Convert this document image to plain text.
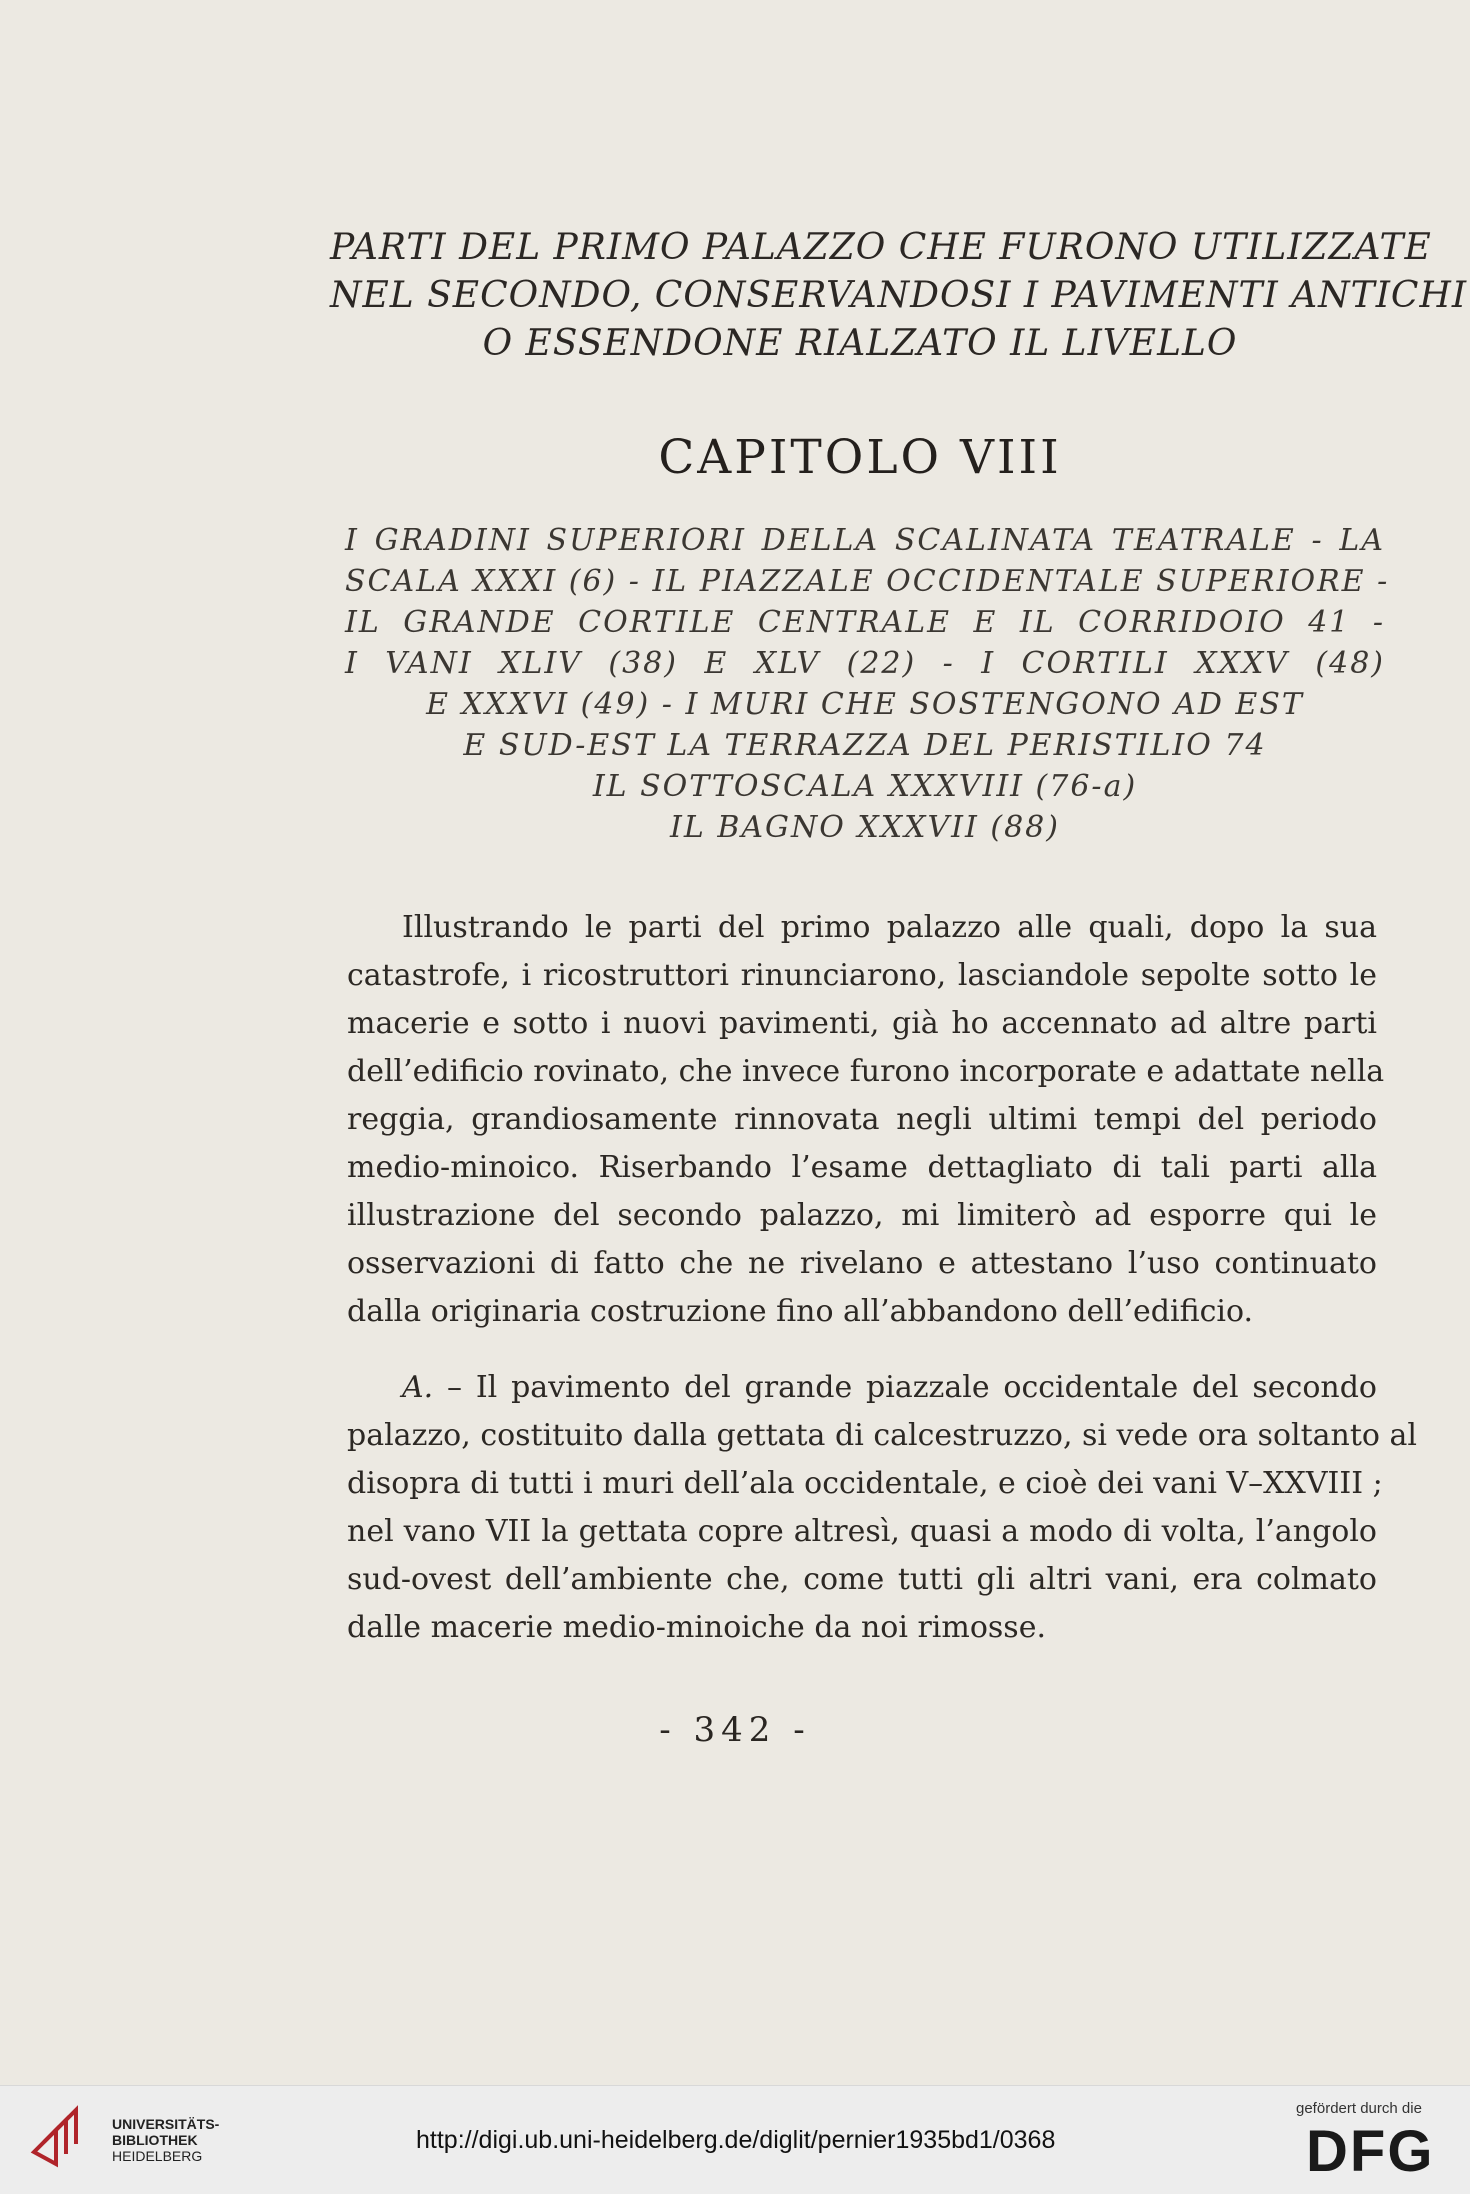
PARTI DEL PRIMO PALAZZO CHE FURONO UTILIZZATE
NEL SECONDO, CONSERVANDOSI I PAVIMENTI ANTICHI
O ESSENDONE RIALZATO IL LIVELLO
CAPITOLO VIII
I GRADINI SUPERIORI DELLA SCALINATA TEATRALE - LA
SCALA XXXI (6) - IL PIAZZALE OCCIDENTALE SUPERIORE -
IL GRANDE CORTILE CENTRALE E IL CORRIDOIO 41 -
I VANI XLIV (38) E XLV (22) - I CORTILI XXXV (48)
E XXXVI (49) - I MURI CHE SOSTENGONO AD EST
E SUD-EST LA TERRAZZA DEL PERISTILIO 74
IL SOTTOSCALA XXXVIII (76-a)
IL BAGNO XXXVII (88)
Illustrando le parti del primo palazzo alle quali, dopo la sua
catastrofe, i ricostruttori rinunciarono, lasciandole sepolte sotto le
macerie e sotto i nuovi pavimenti, già ho accennato ad altre parti
dell’edificio rovinato, che invece furono incorporate e adattate nella
reggia, grandiosamente rinnovata negli ultimi tempi del periodo
medio-minoico. Riserbando l’esame dettagliato di tali parti alla
illustrazione del secondo palazzo, mi limiterò ad esporre qui le
osservazioni di fatto che ne rivelano e attestano l’uso continuato
dalla originaria costruzione fino all’abbandono dell’edificio.
A. – Il pavimento del grande piazzale occidentale del secondo
palazzo, costituito dalla gettata di calcestruzzo, si vede ora soltanto al
disopra di tutti i muri dell’ala occidentale, e cioè dei vani V–XXVIII ;
nel vano VII la gettata copre altresì, quasi a modo di volta, l’angolo
sud-ovest dell’ambiente che, come tutti gli altri vani, era colmato
dalle macerie medio-minoiche da noi rimosse.
- 342 -
UNIVERSITÄTS-
BIBLIOTHEK
HEIDELBERG
http://digi.ub.uni-heidelberg.de/diglit/pernier1935bd1/0368
gefördert durch die
DFG
